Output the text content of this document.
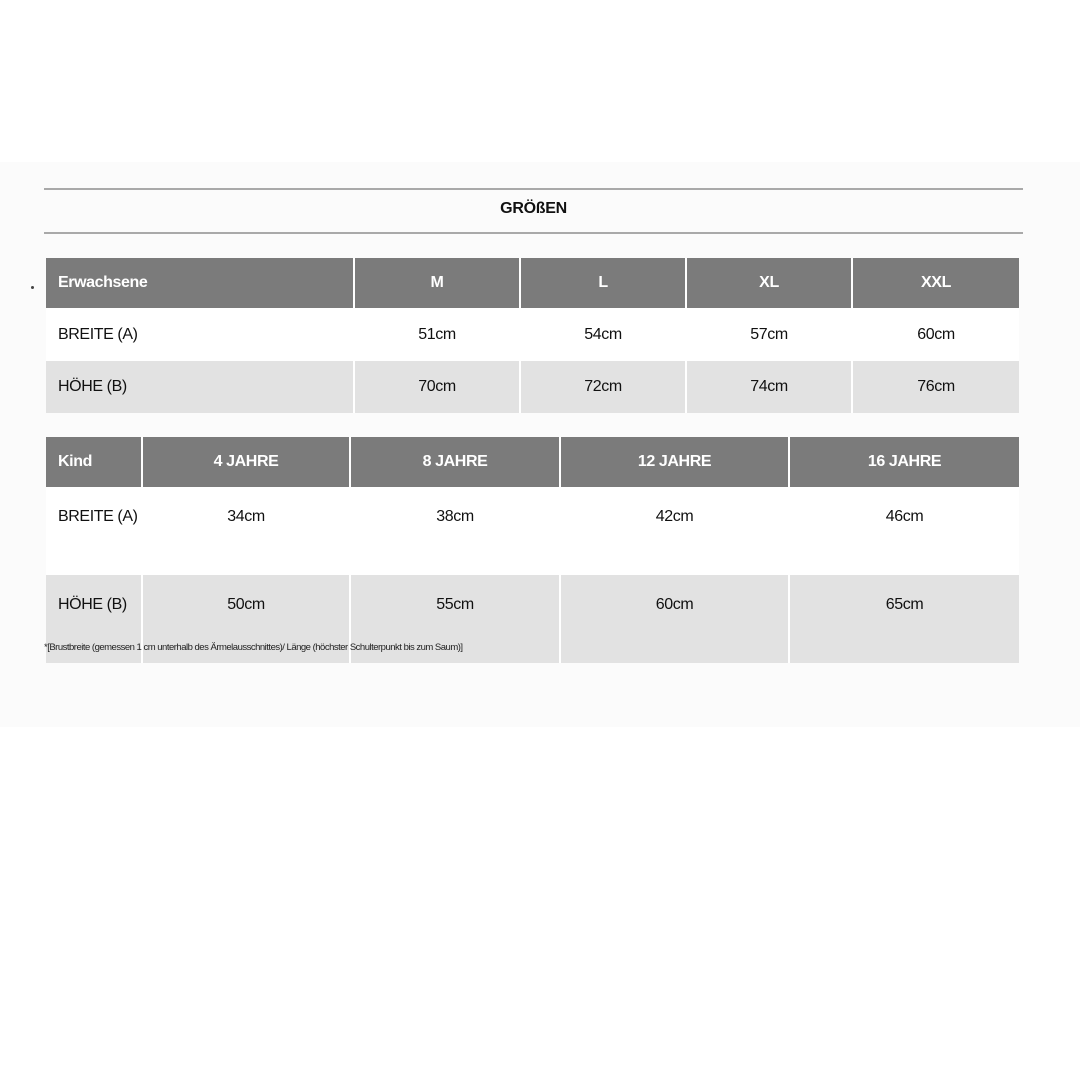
GRÖßEN
Erwachsene	M	L	XL	XXL
BREITE (A)	51cm	54cm	57cm	60cm
HÖHE (B)	70cm	72cm	74cm	76cm
Kind	4 JAHRE	8 JAHRE	12 JAHRE	16 JAHRE
BREITE (A)	34cm	38cm	42cm	46cm
HÖHE (B)	50cm	55cm	60cm	65cm
*[Brustbreite (gemessen 1 cm unterhalb des Ärmelausschnittes)/ Länge (höchster Schulterpunkt bis zum Saum)]
